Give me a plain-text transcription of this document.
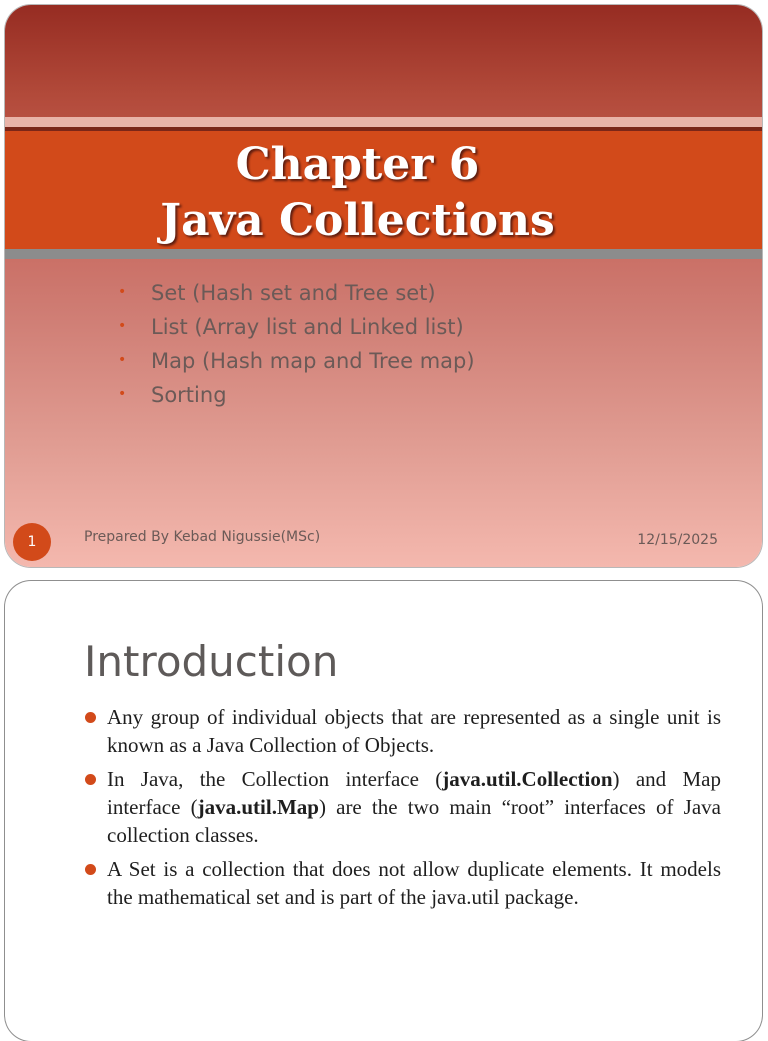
Chapter 6
Java Collections
• Set (Hash set and Tree set)
• List (Array list and Linked list)
• Map (Hash map and Tree map)
• Sorting
1	Prepared By Kebad Nigussie(MSc)	12/15/2025
Introduction
Any group of individual objects that are represented as a single unit is known as a Java Collection of Objects.
In Java, the Collection interface (java.util.Collection) and Map interface (java.util.Map) are the two main “root” interfaces of Java collection classes.
A Set is a collection that does not allow duplicate elements. It models the mathematical set and is part of the java.util package.
